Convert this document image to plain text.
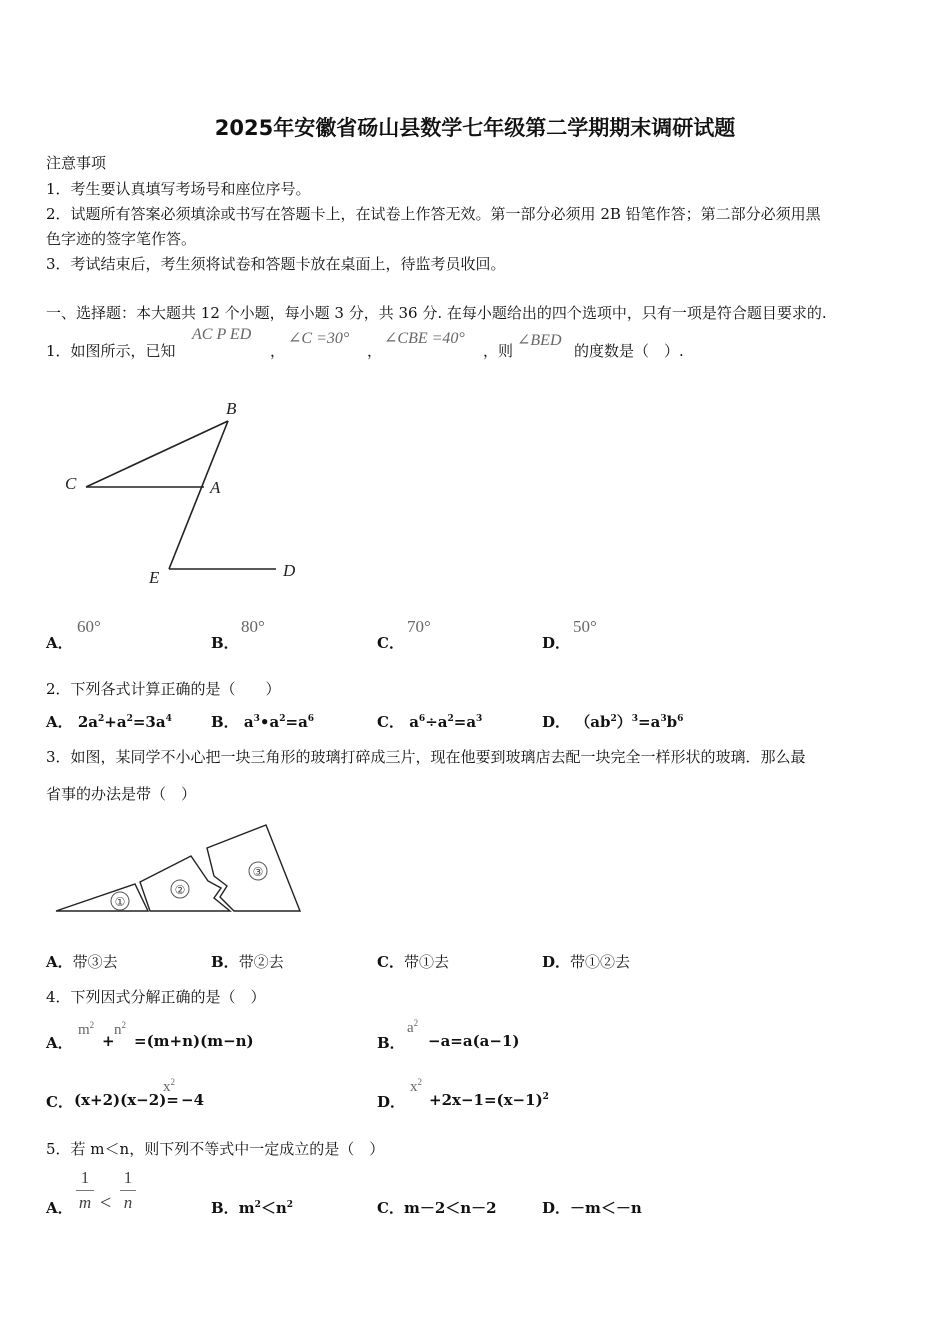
2025年安徽省砀山县数学七年级第二学期期末调研试题
注意事项
1．考生要认真填写考场号和座位序号。
2．试题所有答案必须填涂或书写在答题卡上，在试卷上作答无效。第一部分必须用 2B 铅笔作答；第二部分必须用黑
色字迹的签字笔作答。
3．考试结束后，考生须将试卷和答题卡放在桌面上，待监考员收回。
一、选择题：本大题共 12 个小题，每小题 3 分，共 36 分. 在每小题给出的四个选项中，只有一项是符合题目要求的.
1．如图所示，已知
AC P ED
，
∠C =30°
，
∠CBE =40°
，则
∠BED
的度数是（　）.
B
C	A
E	D
A．
60°
B．
80°
C．
70°
D．
50°
2．下列各式计算正确的是（　　）
A． $2a^2+a^2=3a^4$	B． $a^3•a^2=a^6$	C． $a^6\div a^2=a^3$	D． $(ab^2)^3=a^3b^6$
3．如图，某同学不小心把一块三角形的玻璃打碎成三片，现在他要到玻璃店去配一块完全一样形状的玻璃．那么最
省事的办法是带（　）
①
②
③
A．带③去	B．带②去	C．带①去	D．带①②去
4．下列因式分解正确的是（　）
A．
$m^2$
+
$n^2$
=(m+n)(m−n)	B．
$a^2$
−a=a(a−1)
C． (x+2)(x−2)=
$x^2$
−4	D．
$x^2$
$+2x-1=(x-1)^2$
5．若 m＜n，则下列不等式中一定成立的是（　）
A．
1
m <
1
n	B．$m^2<n^2$	C．m－2＜n－2	D．－m＜－n
